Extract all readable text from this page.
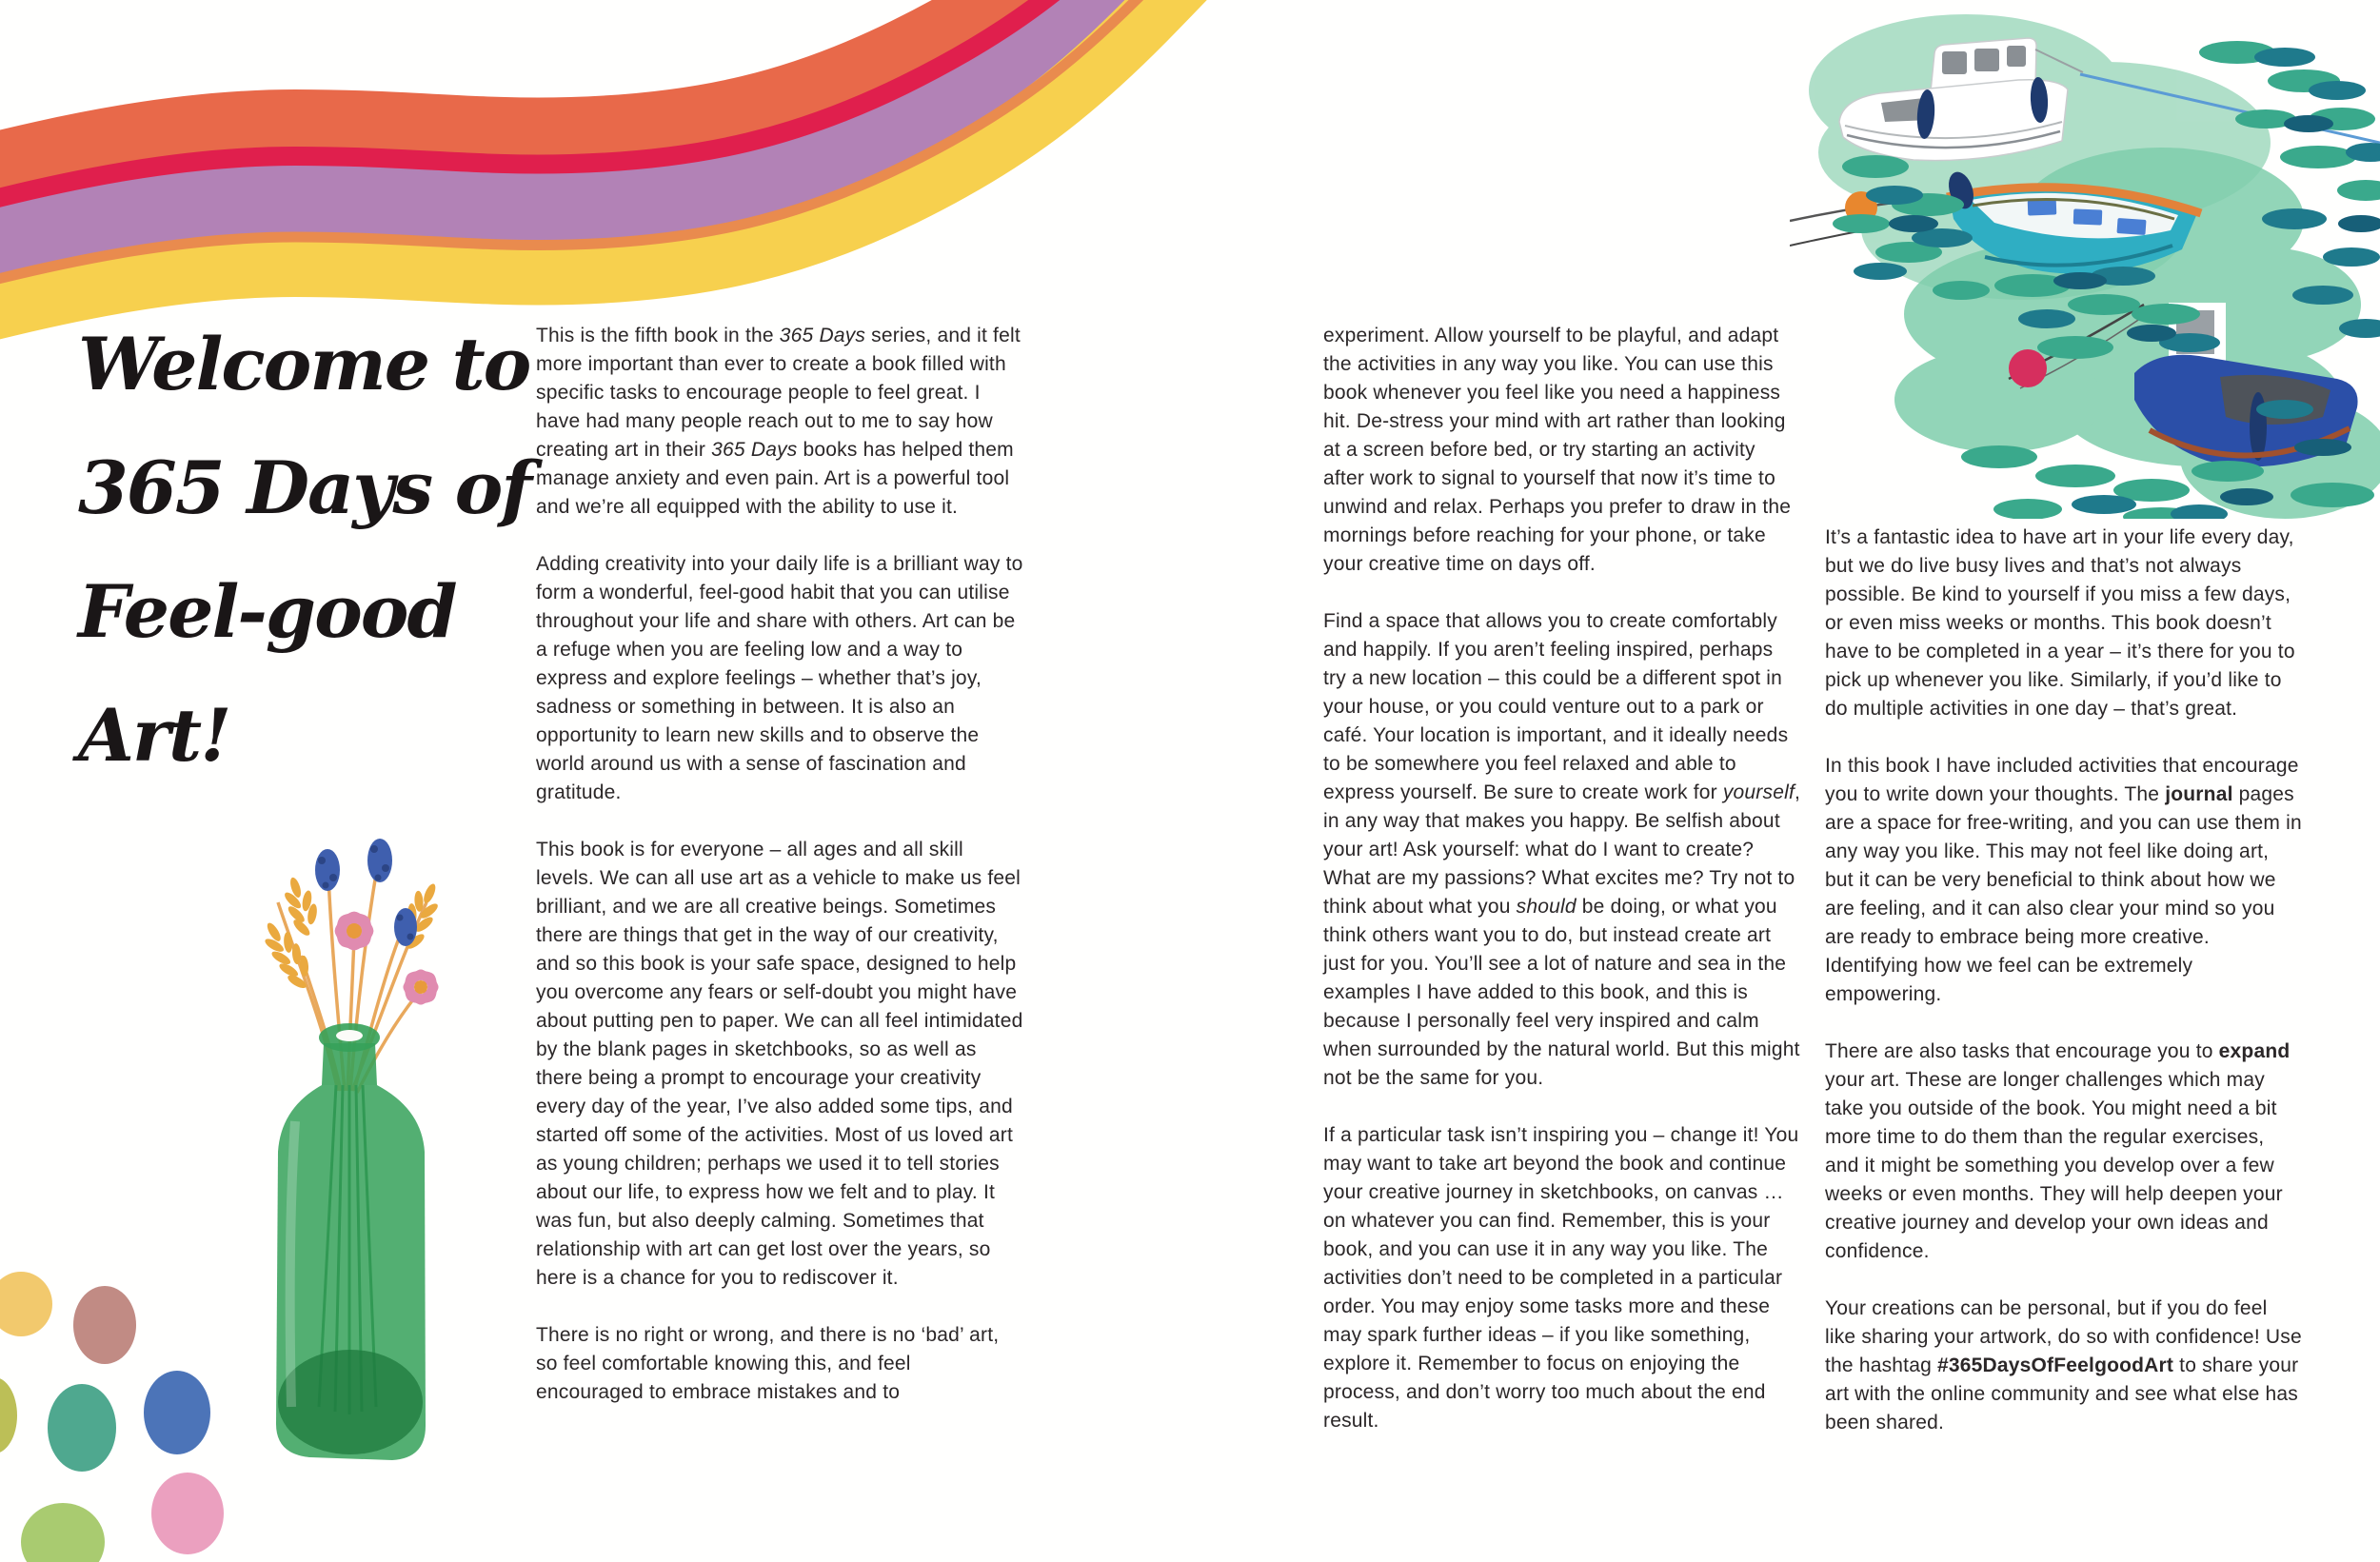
Welcome to
365 Days of
Feel-good
Art!

This is the fifth book in the 365 Days series, and it felt more important than ever to create a book filled with specific tasks to encourage people to feel great. I have had many people reach out to me to say how creating art in their 365 Days books has helped them manage anxiety and even pain. Art is a powerful tool and we’re all equipped with the ability to use it.

Adding creativity into your daily life is a brilliant way to form a wonderful, feel-good habit that you can utilise throughout your life and share with others. Art can be a refuge when you are feeling low and a way to express and explore feelings – whether that’s joy, sadness or something in between. It is also an opportunity to learn new skills and to observe the world around us with a sense of fascination and gratitude.

This book is for everyone – all ages and all skill levels. We can all use art as a vehicle to make us feel brilliant, and we are all creative beings. Sometimes there are things that get in the way of our creativity, and so this book is your safe space, designed to help you overcome any fears or self-doubt you might have about putting pen to paper. We can all feel intimidated by the blank pages in sketchbooks, so as well as there being a prompt to encourage your creativity every day of the year, I’ve also added some tips, and started off some of the activities. Most of us loved art as young children; perhaps we used it to tell stories about our life, to express how we felt and to play. It was fun, but also deeply calming. Sometimes that relationship with art can get lost over the years, so here is a chance for you to rediscover it.

There is no right or wrong, and there is no ‘bad’ art, so feel comfortable knowing this, and feel encouraged to embrace mistakes and to

experiment. Allow yourself to be playful, and adapt the activities in any way you like. You can use this book whenever you feel like you need a happiness hit. De-stress your mind with art rather than looking at a screen before bed, or try starting an activity after work to signal to yourself that now it’s time to unwind and relax. Perhaps you prefer to draw in the mornings before reaching for your phone, or take your creative time on days off.

Find a space that allows you to create comfortably and happily. If you aren’t feeling inspired, perhaps try a new location – this could be a different spot in your house, or you could venture out to a park or café. Your location is important, and it ideally needs to be somewhere you feel relaxed and able to express yourself. Be sure to create work for yourself, in any way that makes you happy. Be selfish about your art! Ask yourself: what do I want to create? What are my passions? What excites me? Try not to think about what you should be doing, or what you think others want you to do, but instead create art just for you. You’ll see a lot of nature and sea in the examples I have added to this book, and this is because I personally feel very inspired and calm when surrounded by the natural world. But this might not be the same for you.

If a particular task isn’t inspiring you – change it! You may want to take art beyond the book and continue your creative journey in sketchbooks, on canvas … on whatever you can find. Remember, this is your book, and you can use it in any way you like. The activities don’t need to be completed in a particular order. You may enjoy some tasks more and these may spark further ideas – if you like something, explore it. Remember to focus on enjoying the process, and don’t worry too much about the end result.

It’s a fantastic idea to have art in your life every day, but we do live busy lives and that’s not always possible. Be kind to yourself if you miss a few days, or even miss weeks or months. This book doesn’t have to be completed in a year – it’s there for you to pick up whenever you like. Similarly, if you’d like to do multiple activities in one day – that’s great.

In this book I have included activities that encourage you to write down your thoughts. The journal pages are a space for free-writing, and you can use them in any way you like. This may not feel like doing art, but it can be very beneficial to think about how we are feeling, and it can also clear your mind so you are ready to embrace being more creative. Identifying how we feel can be extremely empowering.

There are also tasks that encourage you to expand your art. These are longer challenges which may take you outside of the book. You might need a bit more time to do them than the regular exercises, and it might be something you develop over a few weeks or even months. They will help deepen your creative journey and develop your own ideas and confidence.

Your creations can be personal, but if you do feel like sharing your artwork, do so with confidence! Use the hashtag #365DaysOfFeelgoodArt to share your art with the online community and see what else has been shared.
